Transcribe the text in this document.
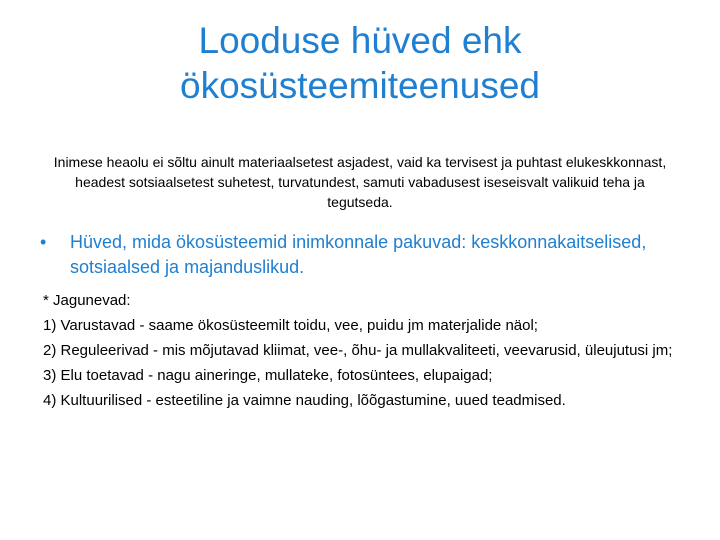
Looduse hüved ehk
ökosüsteemiteenused

Inimese heaolu ei sõltu ainult materiaalsetest asjadest, vaid ka tervisest ja puhtast elukeskkonnast, headest sotsiaalsetest suhetest, turvatundest, samuti vabadusest iseseisvalt valikuid teha ja tegutseda.

•	Hüved, mida ökosüsteemid inimkonnale pakuvad: keskkonnakaitselised, sotsiaalsed ja majanduslikud.
* Jagunevad:
1) Varustavad - saame ökosüsteemilt toidu, vee, puidu jm materjalide näol;
2) Reguleerivad - mis mõjutavad kliimat, vee-, õhu- ja mullakvaliteeti, veevarusid, üleujutusi jm;
3) Elu toetavad - nagu aineringe, mullateke, fotosüntees, elupaigad;
4) Kultuurilised - esteetiline ja vaimne nauding, lõõgastumine, uued teadmised.
